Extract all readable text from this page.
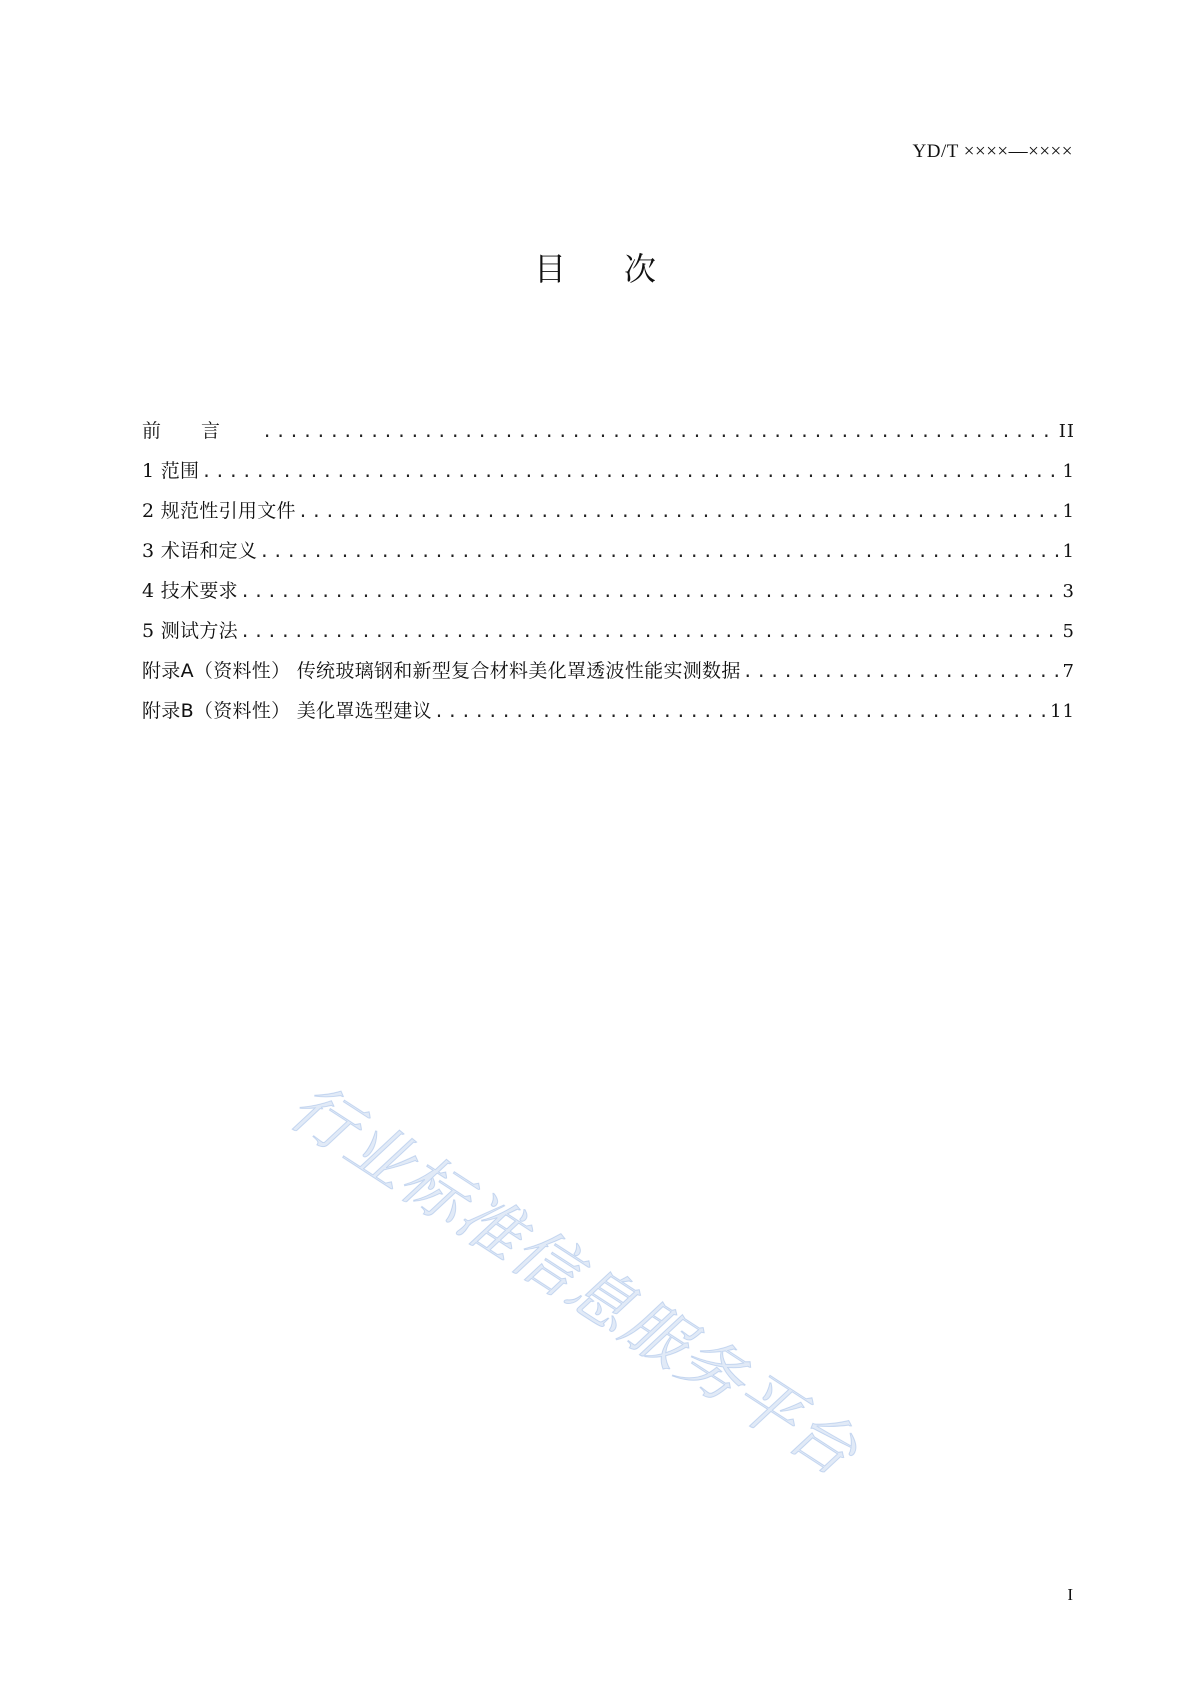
YD/T ××××—××××
目次
前言 .....	II
1 范围 .....	1
2 规范性引用文件 .....	1
3 术语和定义 .....	1
4 技术要求 .....	3
5 测试方法 .....	5
附录A（资料性） 传统玻璃钢和新型复合材料美化罩透波性能实测数据 .....	7
附录B（资料性） 美化罩选型建议 .....	11
行业标准信息服务平台
I
